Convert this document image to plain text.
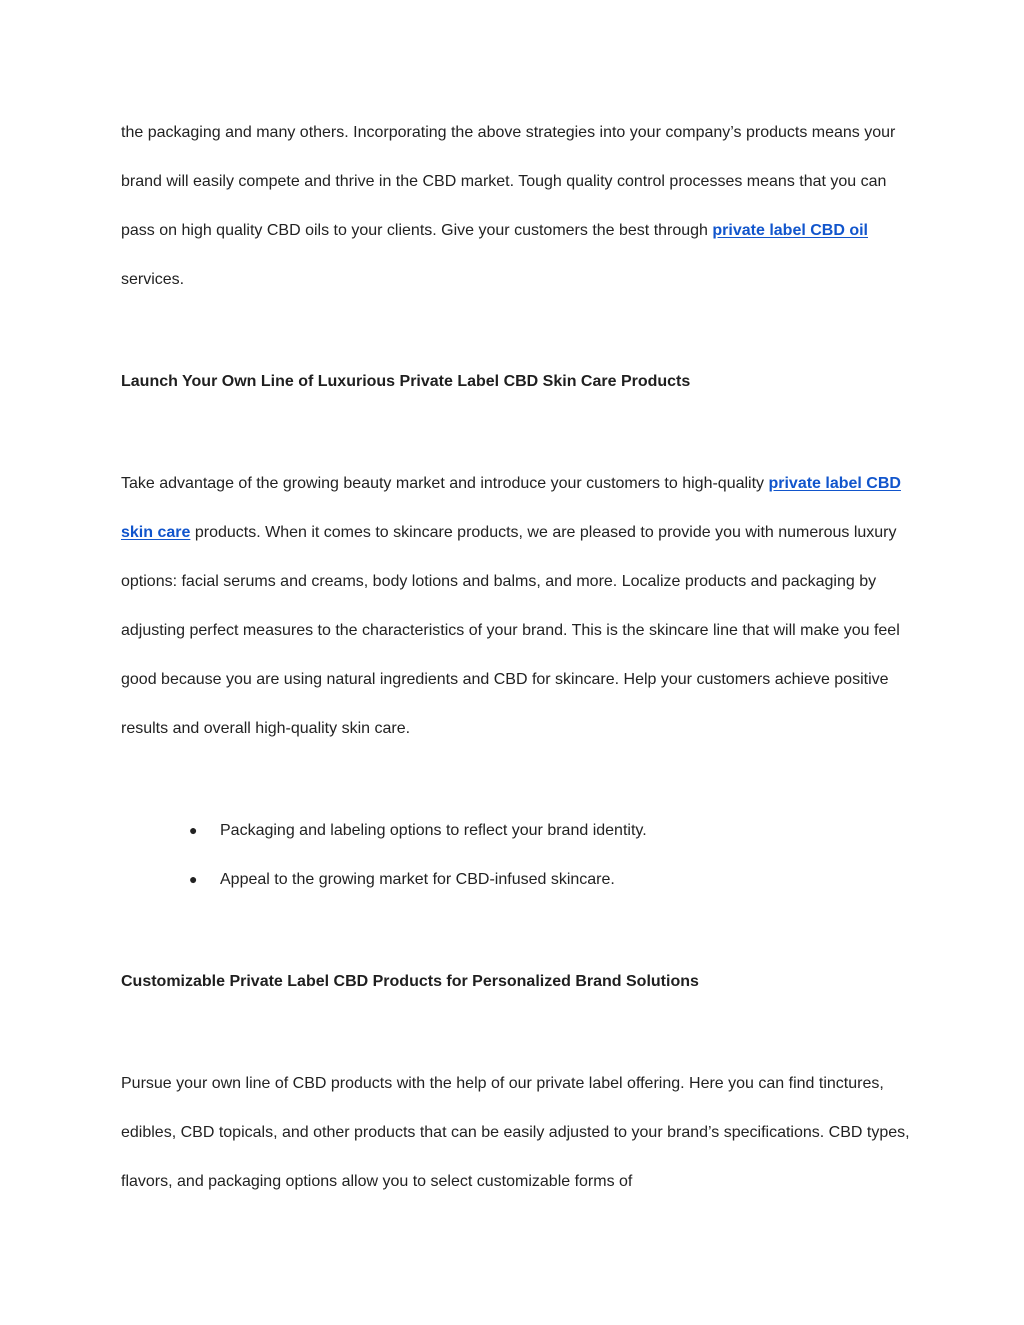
the packaging and many others. Incorporating the above strategies into your company’s products means your brand will easily compete and thrive in the CBD market. Tough quality control processes means that you can pass on high quality CBD oils to your clients. Give your customers the best through private label CBD oil services.

Launch Your Own Line of Luxurious Private Label CBD Skin Care Products

Take advantage of the growing beauty market and introduce your customers to high-quality private label CBD skin care products. When it comes to skincare products, we are pleased to provide you with numerous luxury options: facial serums and creams, body lotions and balms, and more. Localize products and packaging by adjusting perfect measures to the characteristics of your brand. This is the skincare line that will make you feel good because you are using natural ingredients and CBD for skincare. Help your customers achieve positive results and overall high-quality skin care.

● Packaging and labeling options to reflect your brand identity.
● Appeal to the growing market for CBD-infused skincare.
Customizable Private Label CBD Products for Personalized Brand Solutions

Pursue your own line of CBD products with the help of our private label offering. Here you can find tinctures, edibles, CBD topicals, and other products that can be easily adjusted to your brand’s specifications. CBD types, flavors, and packaging options allow you to select customizable forms of
